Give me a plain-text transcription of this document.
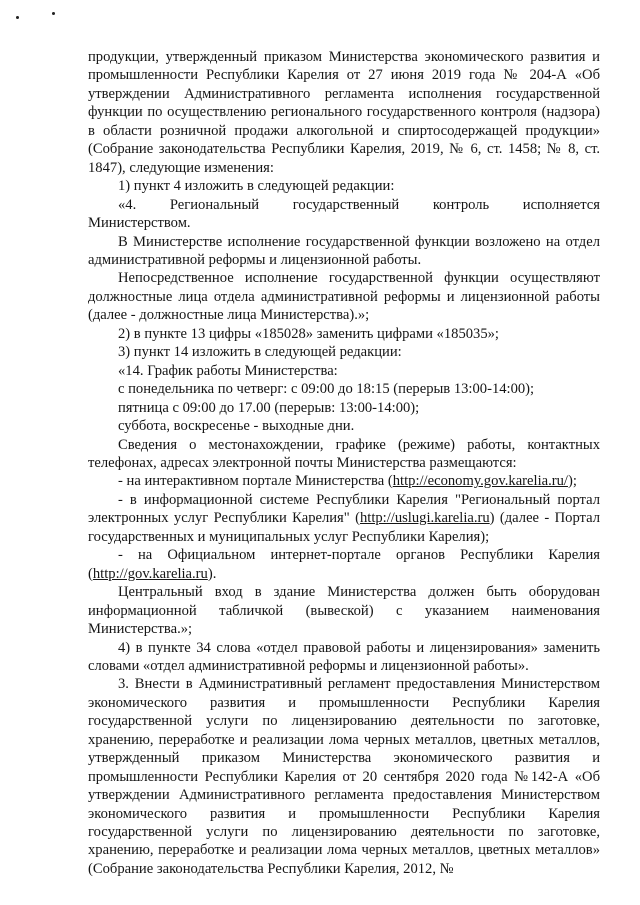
продукции, утвержденный приказом Министерства экономического развития и промышленности Республики Карелия от 27 июня 2019 года № 204-А «Об утверждении Административного регламента исполнения государственной функции по осуществлению регионального государственного контроля (надзора) в области розничной продажи алкогольной и спиртосодержащей продукции» (Собрание законодательства Республики Карелия, 2019, № 6, ст. 1458; № 8, ст. 1847), следующие изменения:

1) пункт 4 изложить в следующей редакции:

«4. Региональный государственный контроль исполняется Министерством.

В Министерстве исполнение государственной функции возложено на отдел административной реформы и лицензионной работы.

Непосредственное исполнение государственной функции осуществляют должностные лица отдела административной реформы и лицензионной работы (далее - должностные лица Министерства).»;

2) в пункте 13 цифры «185028» заменить цифрами «185035»;

3) пункт 14 изложить в следующей редакции:

«14. График работы Министерства:

с понедельника по четверг: с 09:00 до 18:15 (перерыв 13:00-14:00);

пятница с 09:00 до 17.00 (перерыв: 13:00-14:00);

суббота, воскресенье - выходные дни.

Сведения о местонахождении, графике (режиме) работы, контактных телефонах, адресах электронной почты Министерства размещаются:

- на интерактивном портале Министерства (http://economy.gov.karelia.ru/);

- в информационной системе Республики Карелия "Региональный портал электронных услуг Республики Карелия" (http://uslugi.karelia.ru) (далее - Портал государственных и муниципальных услуг Республики Карелия);

- на Официальном интернет-портале органов Республики Карелия (http://gov.karelia.ru).

Центральный вход в здание Министерства должен быть оборудован информационной табличкой (вывеской) с указанием наименования Министерства.»;

4) в пункте 34 слова «отдел правовой работы и лицензирования» заменить словами «отдел административной реформы и лицензионной работы».

3. Внести в Административный регламент предоставления Министерством экономического развития и промышленности Республики Карелия государственной услуги по лицензированию деятельности по заготовке, хранению, переработке и реализации лома черных металлов, цветных металлов, утвержденный приказом Министерства экономического развития и промышленности Республики Карелия от 20 сентября 2020 года №142-А «Об утверждении Административного регламента предоставления Министерством экономического развития и промышленности Республики Карелия государственной услуги по лицензированию деятельности по заготовке, хранению, переработке и реализации лома черных металлов, цветных металлов» (Собрание законодательства Республики Карелия, 2012, №
